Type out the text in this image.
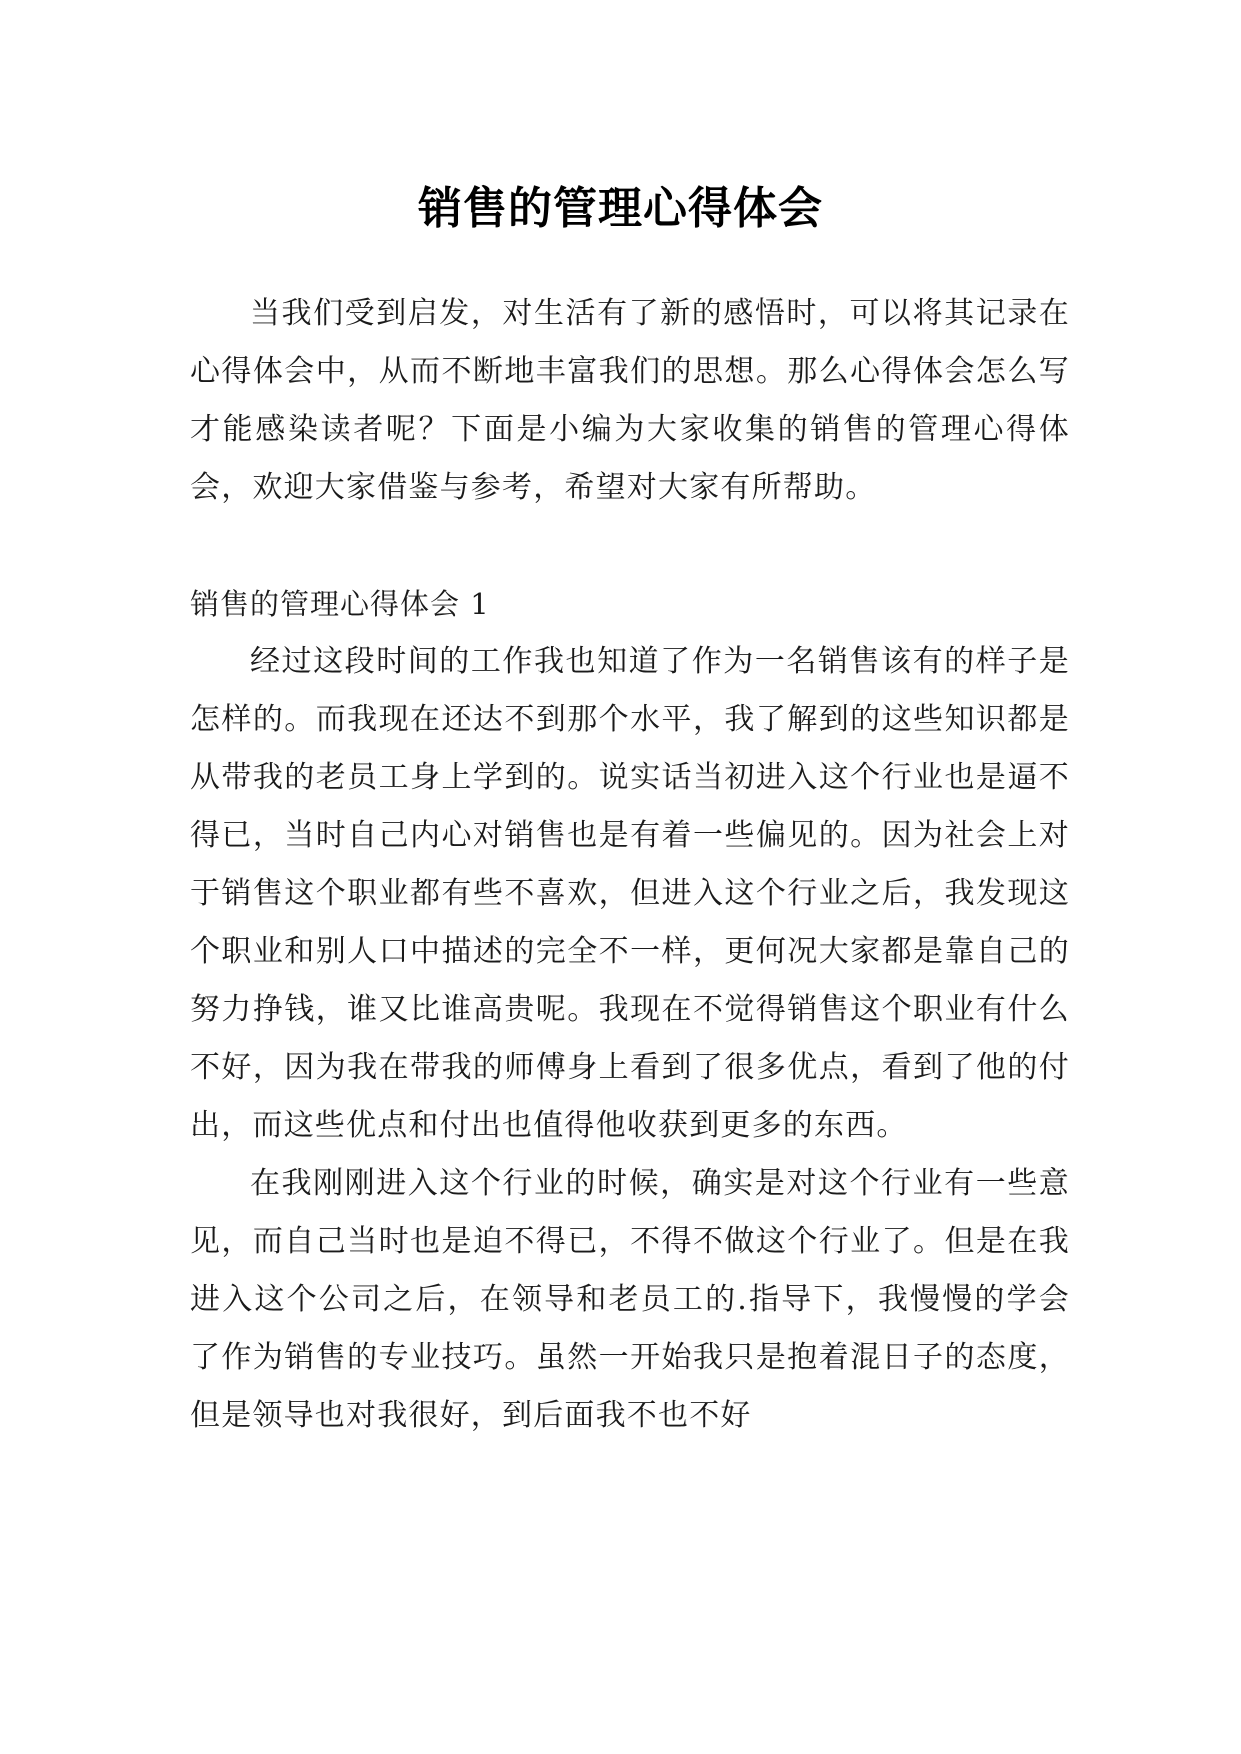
销售的管理心得体会

当我们受到启发，对生活有了新的感悟时，可以将其记录在心得体会中，从而不断地丰富我们的思想。那么心得体会怎么写才能感染读者呢？下面是小编为大家收集的销售的管理心得体会，欢迎大家借鉴与参考，希望对大家有所帮助。

销售的管理心得体会 1

经过这段时间的工作我也知道了作为一名销售该有的样子是怎样的。而我现在还达不到那个水平，我了解到的这些知识都是从带我的老员工身上学到的。说实话当初进入这个行业也是逼不得已，当时自己内心对销售也是有着一些偏见的。因为社会上对于销售这个职业都有些不喜欢，但进入这个行业之后，我发现这个职业和别人口中描述的完全不一样，更何况大家都是靠自己的努力挣钱，谁又比谁高贵呢。我现在不觉得销售这个职业有什么不好，因为我在带我的师傅身上看到了很多优点，看到了他的付出，而这些优点和付出也值得他收获到更多的东西。

在我刚刚进入这个行业的时候，确实是对这个行业有一些意见，而自己当时也是迫不得已，不得不做这个行业了。但是在我进入这个公司之后，在领导和老员工的.指导下，我慢慢的学会了作为销售的专业技巧。虽然一开始我只是抱着混日子的态度，但是领导也对我很好，到后面我不也不好
